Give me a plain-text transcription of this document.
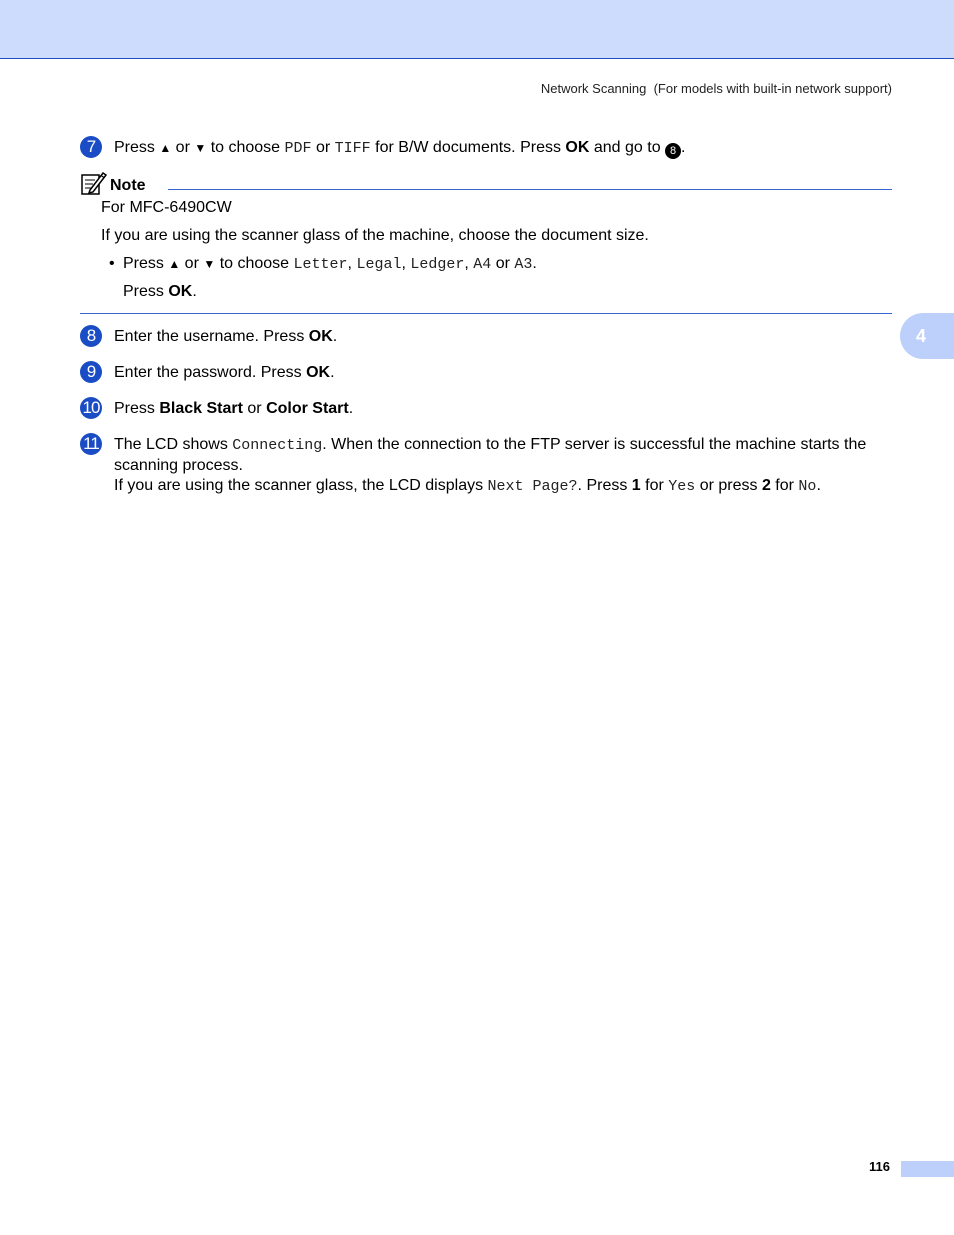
Network Scanning  (For models with built-in network support)
4
7	Press ▲ or ▼ to choose PDF or TIFF for B/W documents. Press OK and go to 8 .
Note
For MFC-6490CW
If you are using the scanner glass of the machine, choose the document size.
• Press ▲ or ▼ to choose Letter, Legal, Ledger, A4 or A3.
Press OK.
8	Enter the username. Press OK.
9	Enter the password. Press OK.
10 Press Black Start or Color Start.
11 The LCD shows Connecting. When the connection to the FTP server is successful the machine starts the scanning process.
If you are using the scanner glass, the LCD displays Next Page?. Press 1 for Yes or press 2 for No.
116
